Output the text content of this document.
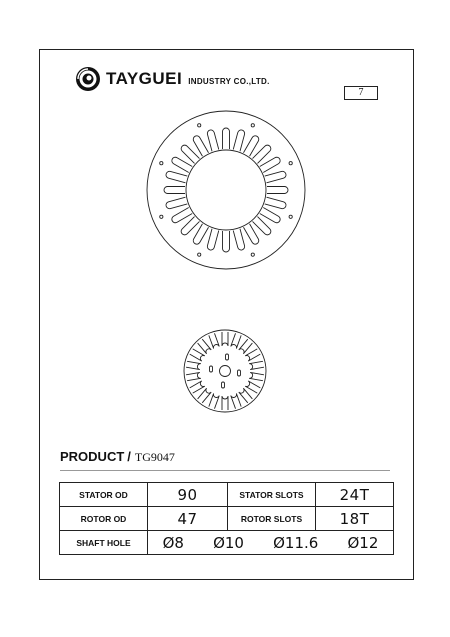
TAYGUEI INDUSTRY CO.,LTD.
7
PRODUCT / TG9047
STATOR OD	90	STATOR SLOTS	24T
ROTOR OD	47	ROTOR SLOTS	18T
SHAFT HOLE	Ø8 Ø10 Ø11.6 Ø12		
